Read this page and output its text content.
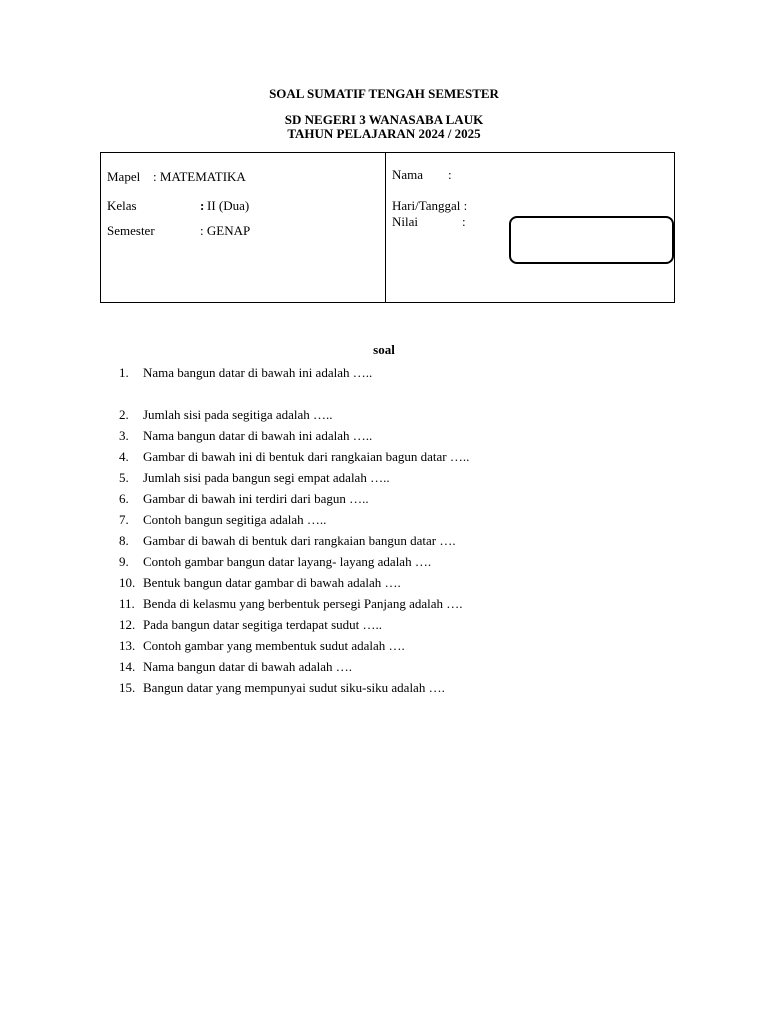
SOAL SUMATIF TENGAH SEMESTER
SD NEGERI 3 WANASABA LAUK
TAHUN PELAJARAN 2024 / 2025
Mapel : MATEMATIKA
Kelas	: II (Dua)
Semester	: GENAP
Nama :
Hari/Tanggal :
Nilai	:
soal
1. Nama bangun datar di bawah ini adalah …..
2. Jumlah sisi pada segitiga adalah …..
3. Nama bangun datar di bawah ini adalah …..
4. Gambar di bawah ini di bentuk dari rangkaian bagun datar …..
5. Jumlah sisi pada bangun segi empat adalah …..
6. Gambar di bawah ini terdiri dari bagun …..
7. Contoh bangun segitiga adalah …..
8. Gambar di bawah di bentuk dari rangkaian bangun datar ….
9. Contoh gambar bangun datar layang- layang adalah ….
10. Bentuk bangun datar gambar di bawah adalah ….
11. Benda di kelasmu yang berbentuk persegi Panjang adalah ….
12. Pada bangun datar segitiga terdapat sudut …..
13. Contoh gambar yang membentuk sudut adalah ….
14. Nama bangun datar di bawah adalah ….
15. Bangun datar yang mempunyai sudut siku-siku adalah ….
